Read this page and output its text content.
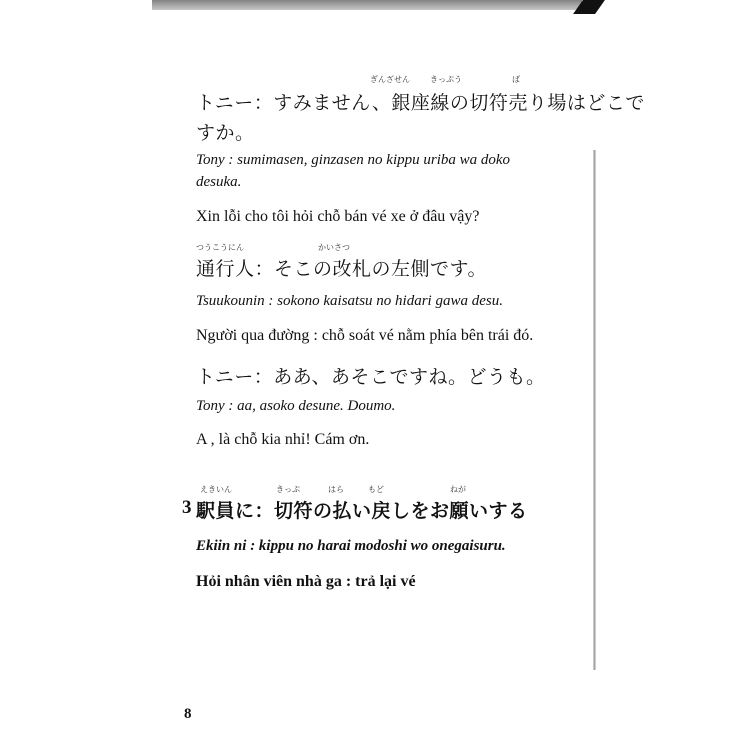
ぎんざせん	きっぷう	ば
トニー：すみません、銀座線の切符売り場はどこで
すか。
Tony : sumimasen, ginzasen no kippu uriba wa doko
desuka.
Xin lỗi cho tôi hỏi chỗ bán vé xe ở đâu vậy?
つうこうにん	かいさつ
通行人：そこの改札の左側です。
Tsuukounin : sokono kaisatsu no hidari gawa desu.
Người qua đường : chỗ soát vé nằm phía bên trái đó.
トニー：ああ、あそこですね。どうも。
Tony : aa, asoko desune. Doumo.
A , là chỗ kia nhỉ! Cám ơn.
えきいん	きっぷ	はら	もど	ねが
駅員に：切符の払い戻しをお願いする
Ekiin ni : kippu no harai modoshi wo onegaisuru.
Hỏi nhân viên nhà ga : trả lại vé
3
8
